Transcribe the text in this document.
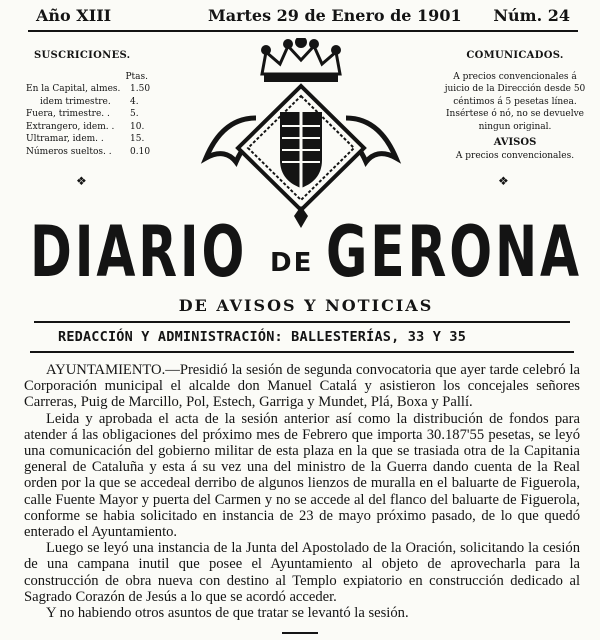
Año XIII	Martes 29 de Enero de 1901 Núm. 24
SUSCRICIONES.
Ptas.
En la Capital, almes.	1.50
idem trimestre.	4.
Fuera, trimestre. .	5.
Extrangero, idem. .	10.
Ultramar, idem. .	15.
Números sueltos. .	0.10
❖
COMUNICADOS.

A precios convencionales á juicio de la Dirección desde 50 céntimos á 5 pesetas línea. Insértese ó nó, no se devuelve ningun original.

AVISOS

A precios convencionales.

❖
DIARIO DE GERONA
DE AVISOS Y NOTICIAS
REDACCIÓN Y ADMINISTRACIÓN: BALLESTERÍAS, 33 Y 35

AYUNTAMIENTO.—Presidió la sesión de segunda convocatoria que ayer tarde celebró la Corporación municipal el alcalde don Manuel Catalá y asistieron los concejales señores Carreras, Puig de Marcillo, Pol, Estech, Garriga y Mundet, Plá, Boxa y Pallí.

Leida y aprobada el acta de la sesión anterior así como la distribución de fondos para atender á las obligaciones del próximo mes de Febrero que importa 30.187'55 pesetas, se leyó una comunicación del gobierno militar de esta plaza en la que se trasiada otra de la Capitania general de Cataluña y esta á su vez una del ministro de la Guerra dando cuenta de la Real orden por la que se accedeal derribo de algunos lienzos de muralla en el baluarte de Figuerola, calle Fuente Mayor y puerta del Carmen y no se accede al del flanco del baluarte de Figuerola, conforme se habia solicitado en instancia de 23 de mayo próximo pasado, de lo que quedó enterado el Ayuntamiento.

Luego se leyó una instancia de la Junta del Apostolado de la Oración, solicitando la cesión de una campana inutil que posee el Ayuntamiento al objeto de aprovecharla para la construcción de obra nueva con destino al Templo expiatorio en construcción dedicado al Sagrado Corazón de Jesús a lo que se acordó acceder.

Y no habiendo otros asuntos de que tratar se levantó la sesión.
